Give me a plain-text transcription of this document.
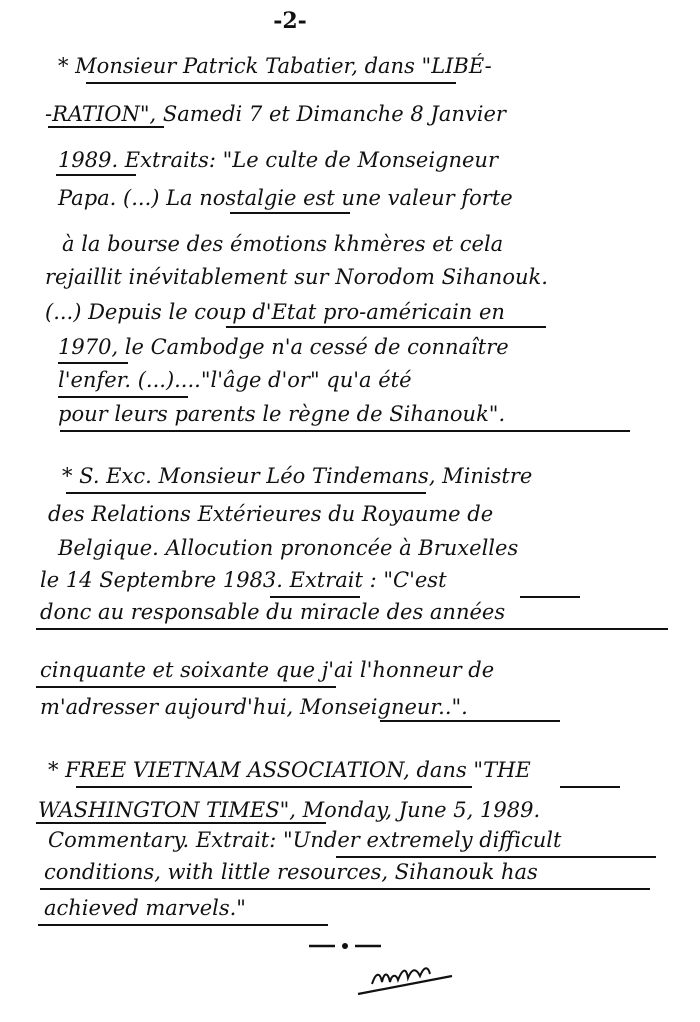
-2-
* Monsieur Patrick Tabatier, dans "LIBÉ-
-RATION", Samedi 7 et Dimanche 8 Janvier
1989. Extraits: "Le culte de Monseigneur
Papa. (...) La nostalgie est une valeur forte
à la bourse des émotions khmères et cela
rejaillit inévitablement sur Norodom Sihanouk.
(...) Depuis le coup d'Etat pro-américain en
1970, le Cambodge n'a cessé de connaître
l'enfer. (...)...."l'âge d'or" qu'a été
pour leurs parents le règne de Sihanouk".
* S. Exc. Monsieur Léo Tindemans, Ministre
des Relations Extérieures du Royaume de
Belgique. Allocution prononcée à Bruxelles
le 14 Septembre 1983. Extrait : "C'est
donc au responsable du miracle des années
cinquante et soixante que j'ai l'honneur de
m'adresser aujourd'hui, Monseigneur..".
* FREE VIETNAM ASSOCIATION, dans "THE
WASHINGTON TIMES", Monday, June 5, 1989.
Commentary. Extrait: "Under extremely difficult
conditions, with little resources, Sihanouk has
achieved marvels."
